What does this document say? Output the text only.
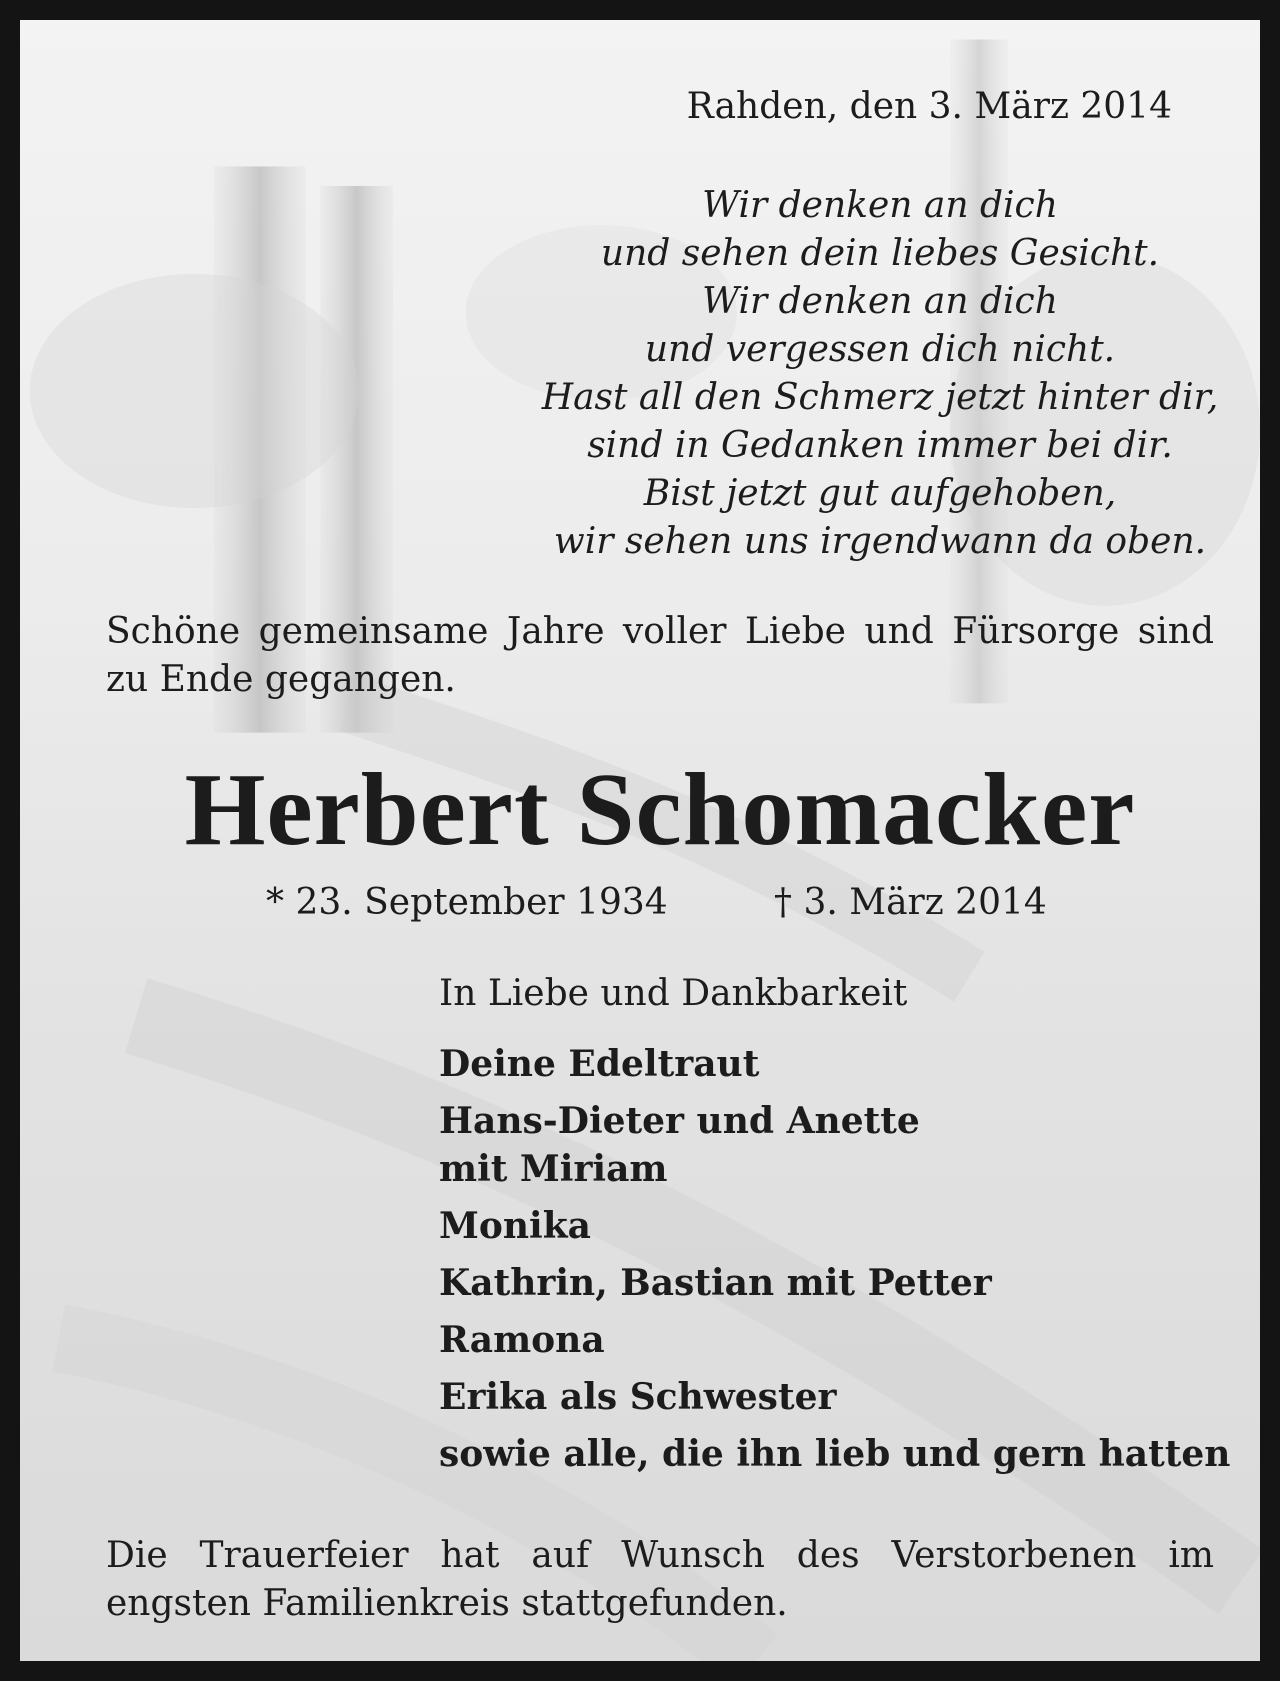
Rahden, den 3. März 2014
Wir denken an dich
und sehen dein liebes Gesicht.
Wir denken an dich
und vergessen dich nicht.
Hast all den Schmerz jetzt hinter dir,
sind in Gedanken immer bei dir.
Bist jetzt gut aufgehoben,
wir sehen uns irgendwann da oben.
Schöne gemeinsame Jahre voller Liebe und Fürsorge sind zu Ende gegangen.
Herbert Schomacker
* 23. September 1934	† 3. März 2014
In Liebe und Dankbarkeit
Deine Edeltraut
Hans-Dieter und Anette
mit Miriam
Monika
Kathrin, Bastian mit Petter
Ramona
Erika als Schwester
sowie alle, die ihn lieb und gern hatten
Die Trauerfeier hat auf Wunsch des Verstorbenen im engsten Familienkreis stattgefunden.
